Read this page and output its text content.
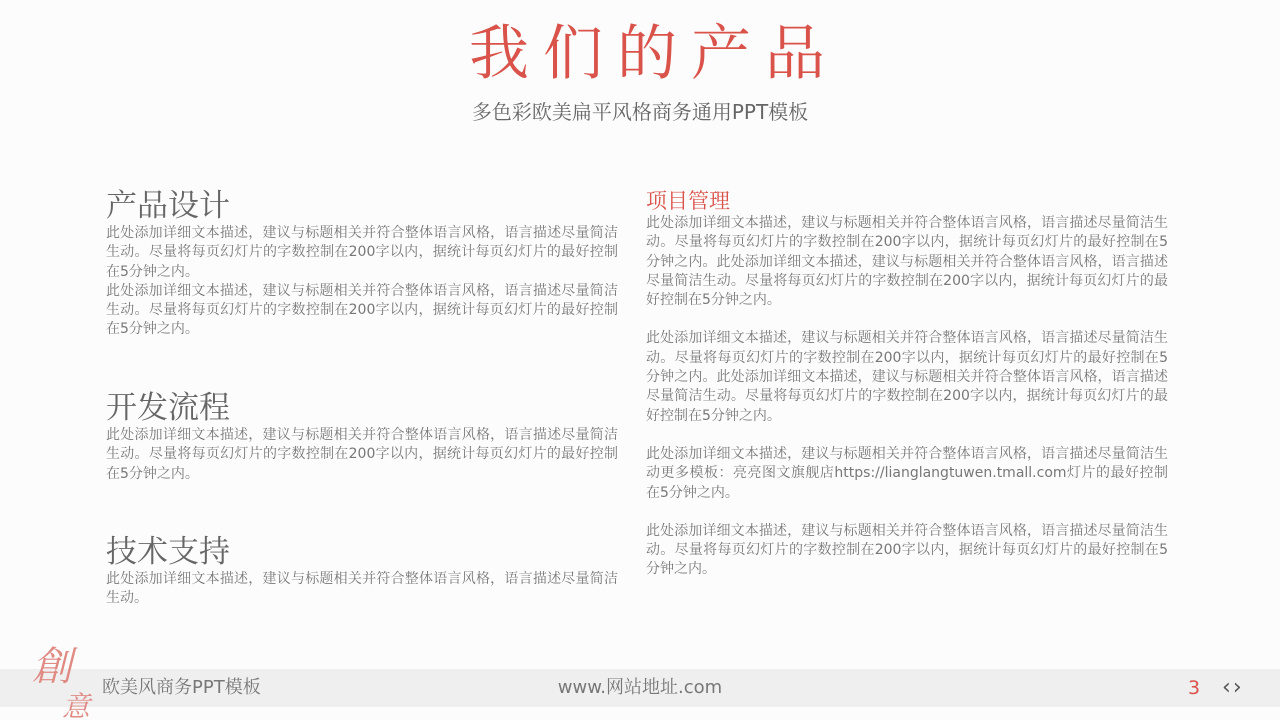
我们的产品
多色彩欧美扁平风格商务通用PPT模板
产品设计

此处添加详细文本描述，建议与标题相关并符合整体语言风格，语言描述尽量简洁生动。尽量将每页幻灯片的字数控制在200字以内，据统计每页幻灯片的最好控制在5分钟之内。

此处添加详细文本描述，建议与标题相关并符合整体语言风格，语言描述尽量简洁生动。尽量将每页幻灯片的字数控制在200字以内，据统计每页幻灯片的最好控制在5分钟之内。

开发流程

此处添加详细文本描述，建议与标题相关并符合整体语言风格，语言描述尽量简洁生动。尽量将每页幻灯片的字数控制在200字以内，据统计每页幻灯片的最好控制在5分钟之内。

技术支持

此处添加详细文本描述，建议与标题相关并符合整体语言风格，语言描述尽量简洁生动。

项目管理

此处添加详细文本描述，建议与标题相关并符合整体语言风格，语言描述尽量简洁生动。尽量将每页幻灯片的字数控制在200字以内，据统计每页幻灯片的最好控制在5分钟之内。此处添加详细文本描述，建议与标题相关并符合整体语言风格，语言描述尽量简洁生动。尽量将每页幻灯片的字数控制在200字以内，据统计每页幻灯片的最好控制在5分钟之内。

此处添加详细文本描述，建议与标题相关并符合整体语言风格，语言描述尽量简洁生动。尽量将每页幻灯片的字数控制在200字以内，据统计每页幻灯片的最好控制在5分钟之内。此处添加详细文本描述，建议与标题相关并符合整体语言风格，语言描述尽量简洁生动。尽量将每页幻灯片的字数控制在200字以内，据统计每页幻灯片的最好控制在5分钟之内。

此处添加详细文本描述，建议与标题相关并符合整体语言风格，语言描述尽量简洁生动更多模板：亮亮图文旗舰店https://lianglangtuwen.tmall.com灯片的最好控制在5分钟之内。

此处添加详细文本描述，建议与标题相关并符合整体语言风格，语言描述尽量简洁生动。尽量将每页幻灯片的字数控制在200字以内，据统计每页幻灯片的最好控制在5分钟之内。

創意
欧美风商务PPT模板	www.网站地址.com	3 ‹›
